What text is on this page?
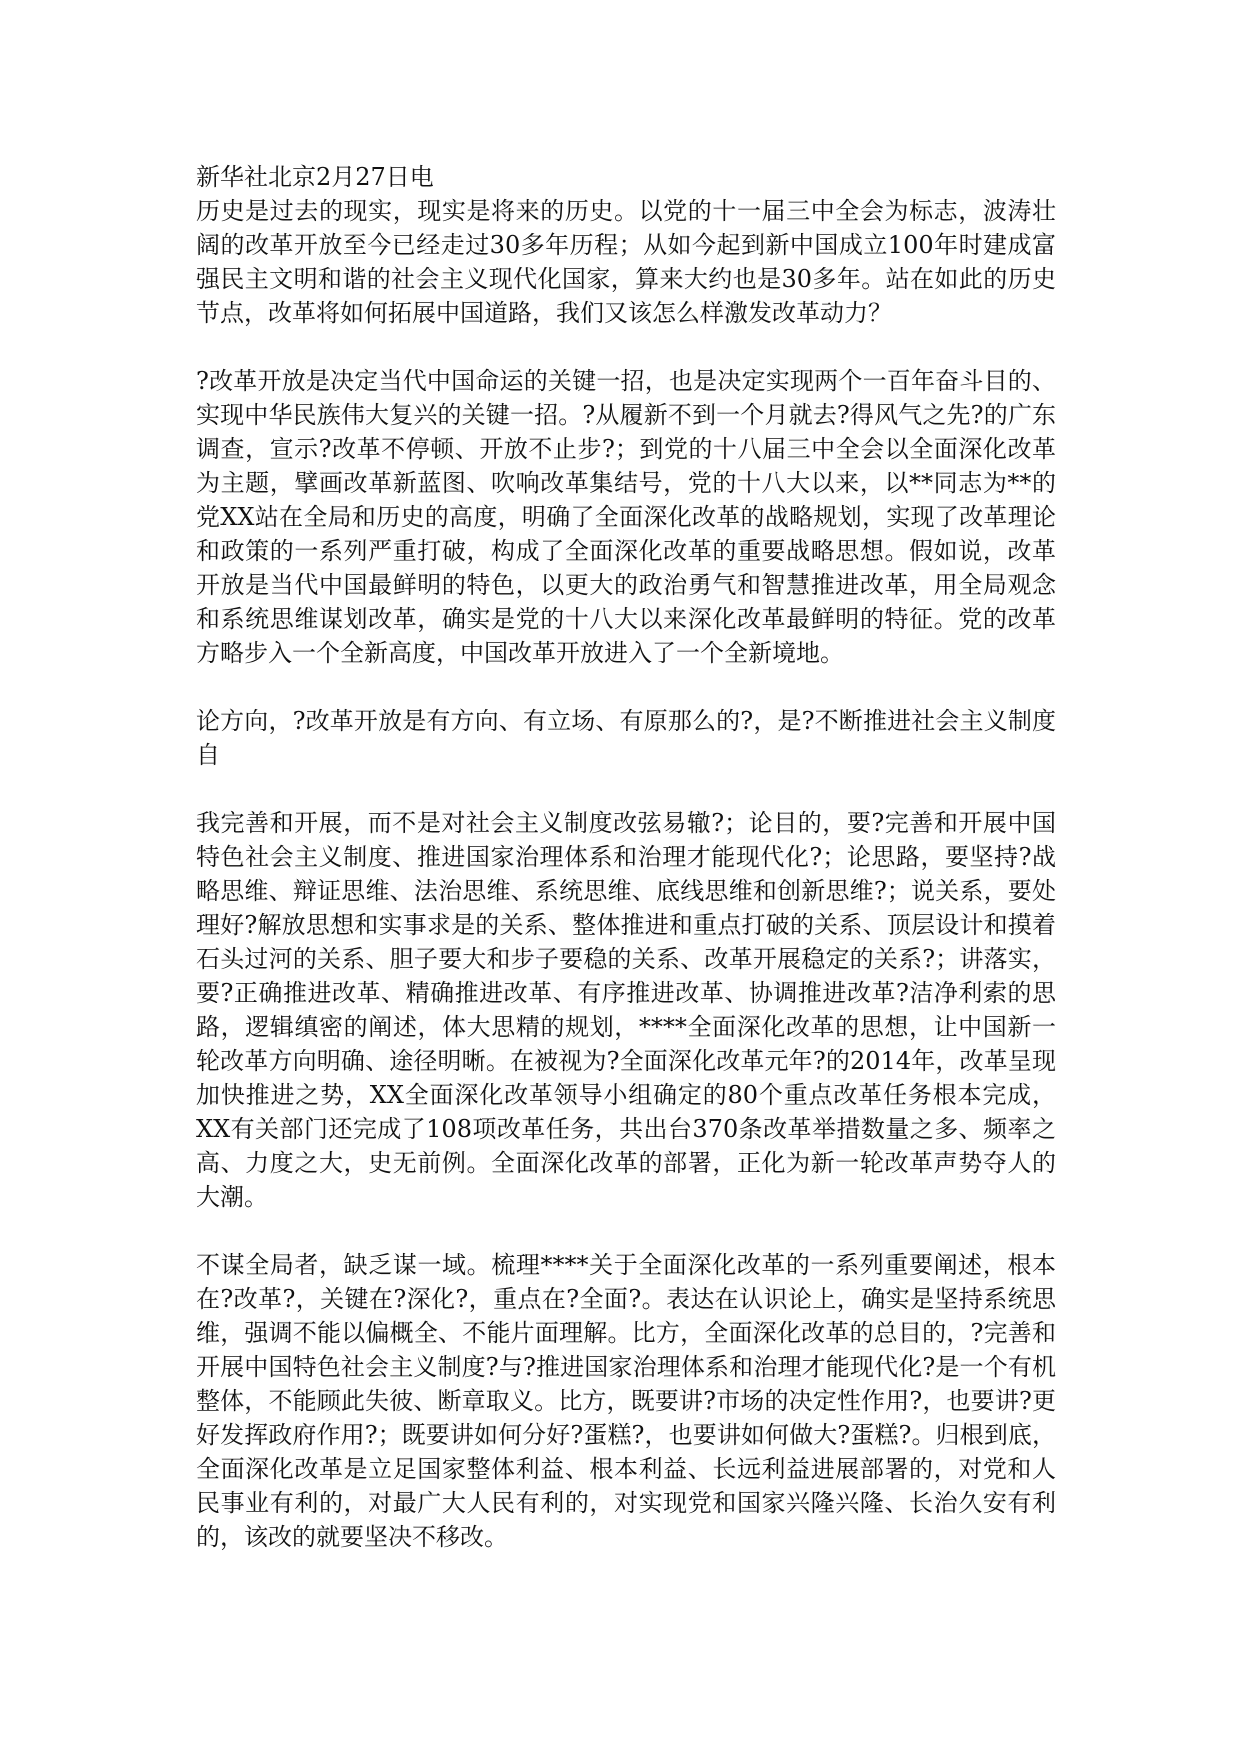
新华社北京2月27日电

历史是过去的现实，现实是将来的历史。以党的十一届三中全会为标志，波涛壮阔的改革开放至今已经走过30多年历程；从如今起到新中国成立100年时建成富强民主文明和谐的社会主义现代化国家，算来大约也是30多年。站在如此的历史节点，改革将如何拓展中国道路，我们又该怎么样激发改革动力？

?改革开放是决定当代中国命运的关键一招，也是决定实现两个一百年奋斗目的、实现中华民族伟大复兴的关键一招。?从履新不到一个月就去?得风气之先?的广东调查，宣示?改革不停顿、开放不止步?；到党的十八届三中全会以全面深化改革为主题，擘画改革新蓝图、吹响改革集结号，党的十八大以来，以**同志为**的党XX站在全局和历史的高度，明确了全面深化改革的战略规划，实现了改革理论和政策的一系列严重打破，构成了全面深化改革的重要战略思想。假如说，改革开放是当代中国最鲜明的特色，以更大的政治勇气和智慧推进改革，用全局观念和系统思维谋划改革，确实是党的十八大以来深化改革最鲜明的特征。党的改革方略步入一个全新高度，中国改革开放进入了一个全新境地。

论方向，?改革开放是有方向、有立场、有原那么的?，是?不断推进社会主义制度自

我完善和开展，而不是对社会主义制度改弦易辙?；论目的，要?完善和开展中国特色社会主义制度、推进国家治理体系和治理才能现代化?；论思路，要坚持?战略思维、辩证思维、法治思维、系统思维、底线思维和创新思维?；说关系，要处理好?解放思想和实事求是的关系、整体推进和重点打破的关系、顶层设计和摸着石头过河的关系、胆子要大和步子要稳的关系、改革开展稳定的关系?；讲落实，要?正确推进改革、精确推进改革、有序推进改革、协调推进改革?洁净利索的思路，逻辑缜密的阐述，体大思精的规划，****全面深化改革的思想，让中国新一轮改革方向明确、途径明晰。在被视为?全面深化改革元年?的2014年，改革呈现加快推进之势，XX全面深化改革领导小组确定的80个重点改革任务根本完成，XX有关部门还完成了108项改革任务，共出台370条改革举措数量之多、频率之高、力度之大，史无前例。全面深化改革的部署，正化为新一轮改革声势夺人的大潮。

不谋全局者，缺乏谋一域。梳理****关于全面深化改革的一系列重要阐述，根本在?改革?，关键在?深化?，重点在?全面?。表达在认识论上，确实是坚持系统思维，强调不能以偏概全、不能片面理解。比方，全面深化改革的总目的，?完善和开展中国特色社会主义制度?与?推进国家治理体系和治理才能现代化?是一个有机整体，不能顾此失彼、断章取义。比方，既要讲?市场的决定性作用?，也要讲?更好发挥政府作用?；既要讲如何分好?蛋糕?，也要讲如何做大?蛋糕?。归根到底，全面深化改革是立足国家整体利益、根本利益、长远利益进展部署的，对党和人民事业有利的，对最广大人民有利的，对实现党和国家兴隆兴隆、长治久安有利的，该改的就要坚决不移改。
